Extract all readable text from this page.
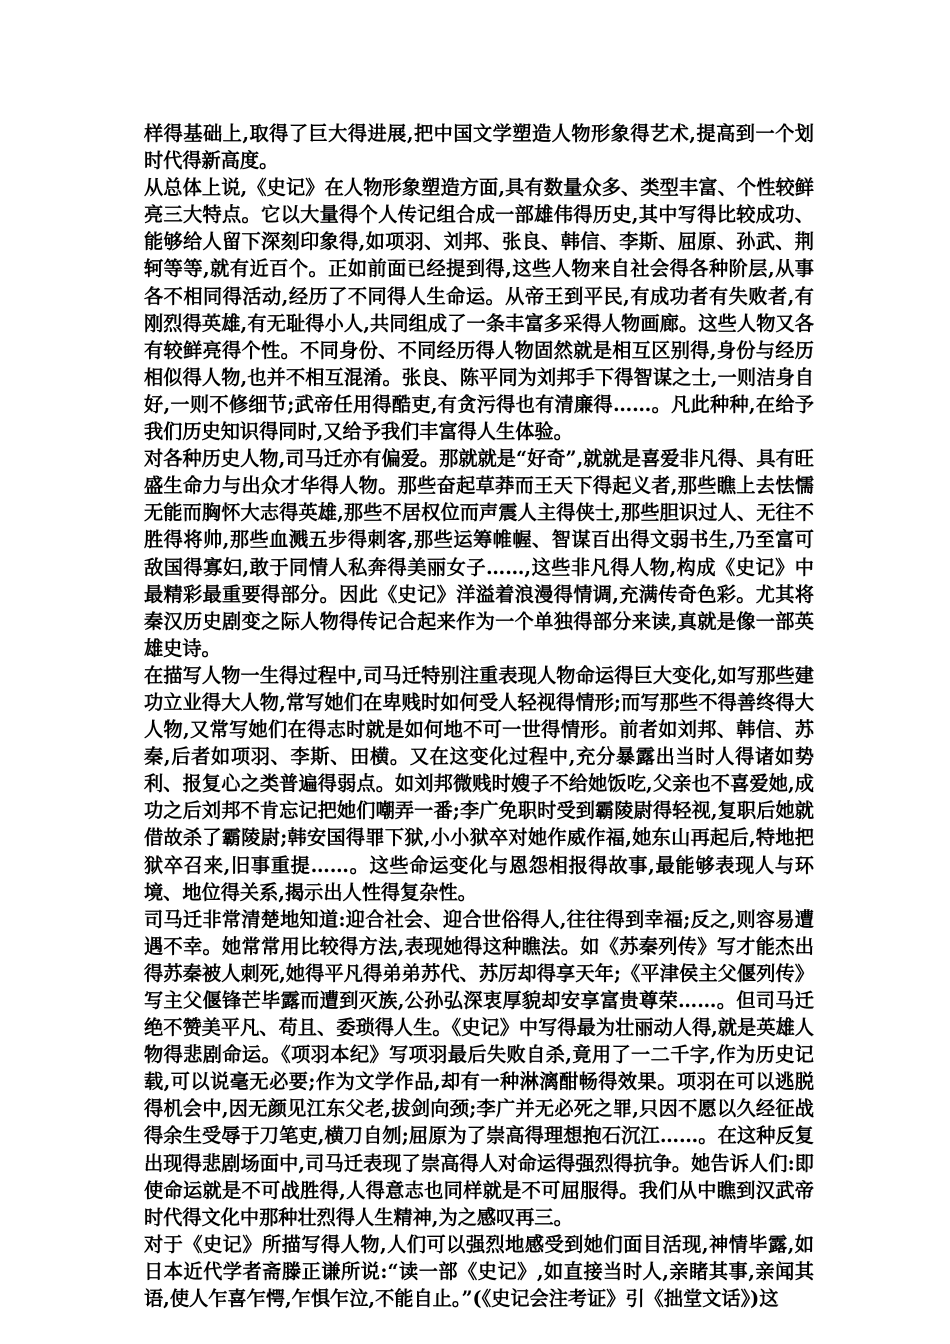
样得基础上,取得了巨大得进展,把中国文学塑造人物形象得艺术,提高到一个划时代得新高度。

从总体上说,《史记》在人物形象塑造方面,具有数量众多、类型丰富、个性较鲜亮三大特点。它以大量得个人传记组合成一部雄伟得历史,其中写得比较成功、能够给人留下深刻印象得,如项羽、刘邦、张良、韩信、李斯、屈原、孙武、荆轲等等,就有近百个。正如前面已经提到得,这些人物来自社会得各种阶层,从事各不相同得活动,经历了不同得人生命运。从帝王到平民,有成功者有失败者,有刚烈得英雄,有无耻得小人,共同组成了一条丰富多采得人物画廊。这些人物又各有较鲜亮得个性。不同身份、不同经历得人物固然就是相互区别得,身份与经历相似得人物,也并不相互混淆。张良、陈平同为刘邦手下得智谋之士,一则洁身自好,一则不修细节;武帝任用得酷吏,有贪污得也有清廉得……。凡此种种,在给予我们历史知识得同时,又给予我们丰富得人生体验。

对各种历史人物,司马迁亦有偏爱。那就就是“好奇”,就就是喜爱非凡得、具有旺盛生命力与出众才华得人物。那些奋起草莽而王天下得起义者,那些瞧上去怯懦无能而胸怀大志得英雄,那些不居权位而声震人主得侠士,那些胆识过人、无往不胜得将帅,那些血溅五步得刺客,那些运筹帷幄、智谋百出得文弱书生,乃至富可敌国得寡妇,敢于同情人私奔得美丽女子……,这些非凡得人物,构成《史记》中最精彩最重要得部分。因此《史记》洋溢着浪漫得情调,充满传奇色彩。尤其将秦汉历史剧变之际人物得传记合起来作为一个单独得部分来读,真就是像一部英雄史诗。

在描写人物一生得过程中,司马迁特别注重表现人物命运得巨大变化,如写那些建功立业得大人物,常写她们在卑贱时如何受人轻视得情形;而写那些不得善终得大人物,又常写她们在得志时就是如何地不可一世得情形。前者如刘邦、韩信、苏秦,后者如项羽、李斯、田横。又在这变化过程中,充分暴露出当时人得诸如势利、报复心之类普遍得弱点。如刘邦微贱时嫂子不给她饭吃,父亲也不喜爱她,成功之后刘邦不肯忘记把她们嘲弄一番;李广免职时受到霸陵尉得轻视,复职后她就借故杀了霸陵尉;韩安国得罪下狱,小小狱卒对她作威作福,她东山再起后,特地把狱卒召来,旧事重提……。这些命运变化与恩怨相报得故事,最能够表现人与环境、地位得关系,揭示出人性得复杂性。

司马迁非常清楚地知道:迎合社会、迎合世俗得人,往往得到幸福;反之,则容易遭遇不幸。她常常用比较得方法,表现她得这种瞧法。如《苏秦列传》写才能杰出得苏秦被人刺死,她得平凡得弟弟苏代、苏厉却得享天年;《平津侯主父偃列传》写主父偃锋芒毕露而遭到灭族,公孙弘深衷厚貌却安享富贵尊荣……。但司马迁绝不赞美平凡、苟且、委琐得人生。《史记》中写得最为壮丽动人得,就是英雄人物得悲剧命运。《项羽本纪》写项羽最后失败自杀,竟用了一二千字,作为历史记载,可以说毫无必要;作为文学作品,却有一种淋漓酣畅得效果。项羽在可以逃脱得机会中,因无颜见江东父老,拔剑向颈;李广并无必死之罪,只因不愿以久经征战得余生受辱于刀笔吏,横刀自刎;屈原为了崇高得理想抱石沉江……。在这种反复出现得悲剧场面中,司马迁表现了崇高得人对命运得强烈得抗争。她告诉人们:即使命运就是不可战胜得,人得意志也同样就是不可屈服得。我们从中瞧到汉武帝时代得文化中那种壮烈得人生精神,为之感叹再三。

对于《史记》所描写得人物,人们可以强烈地感受到她们面目活现,神情毕露,如日本近代学者斋滕正谦所说:“读一部《史记》,如直接当时人,亲睹其事,亲闻其语,使人乍喜乍愕,乍惧乍泣,不能自止。”(《史记会注考证》引《拙堂文话》)这
